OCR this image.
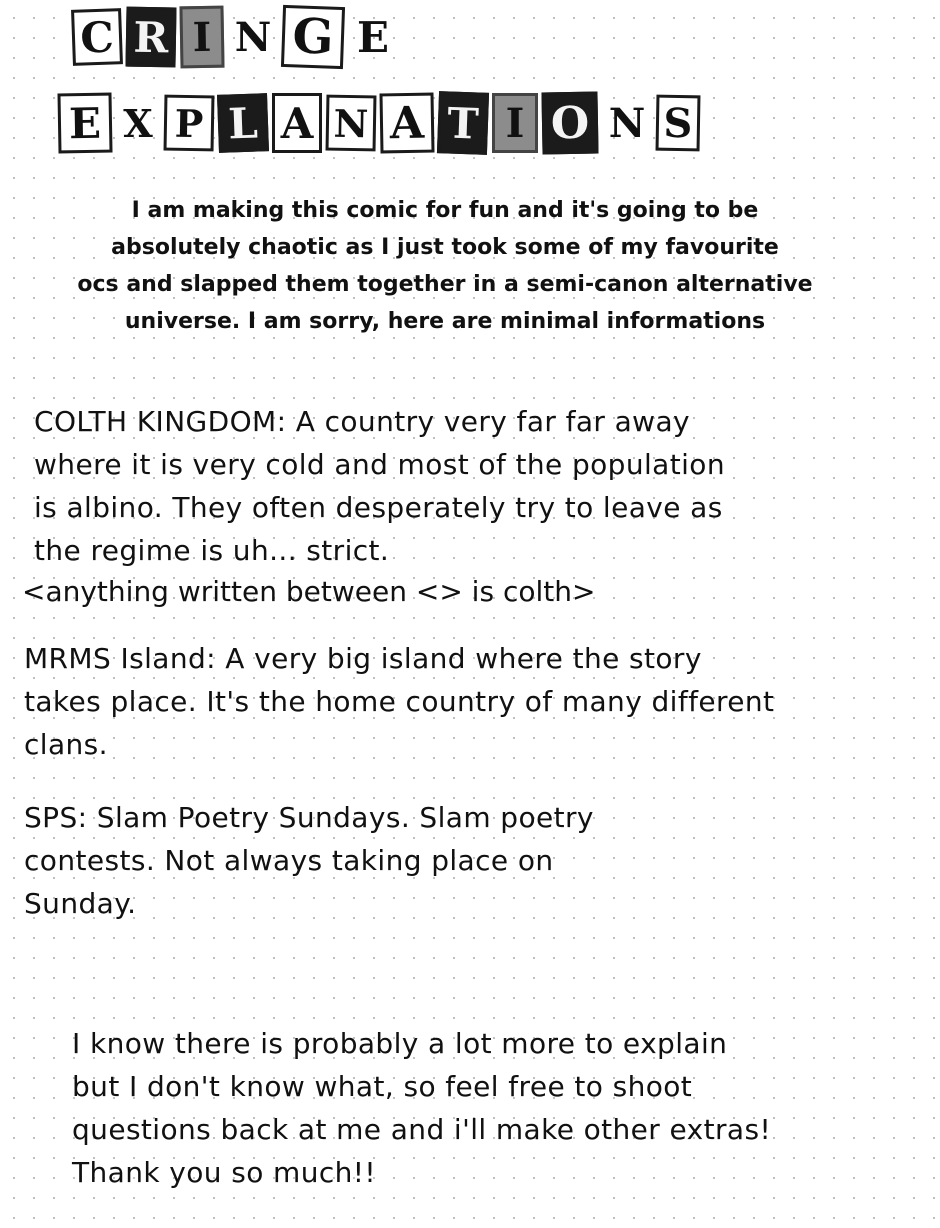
C R I N G E
E X P L A N A T I O N S

I am making this comic for fun and it's going to be
absolutely chaotic as I just took some of my favourite
ocs and slapped them together in a semi-canon alternative
universe. I am sorry, here are minimal informations

COLTH KINGDOM: A country very far far away
where it is very cold and most of the population
is albino. They often desperately try to leave as
the regime is uh... strict.

<anything written between <> is colth>

MRMS Island: A very big island where the story
takes place. It's the home country of many different
clans.

SPS: Slam Poetry Sundays. Slam poetry
contests. Not always taking place on
Sunday.

I know there is probably a lot more to explain
but I don't know what, so feel free to shoot
questions back at me and i'll make other extras!
Thank you so much!!
